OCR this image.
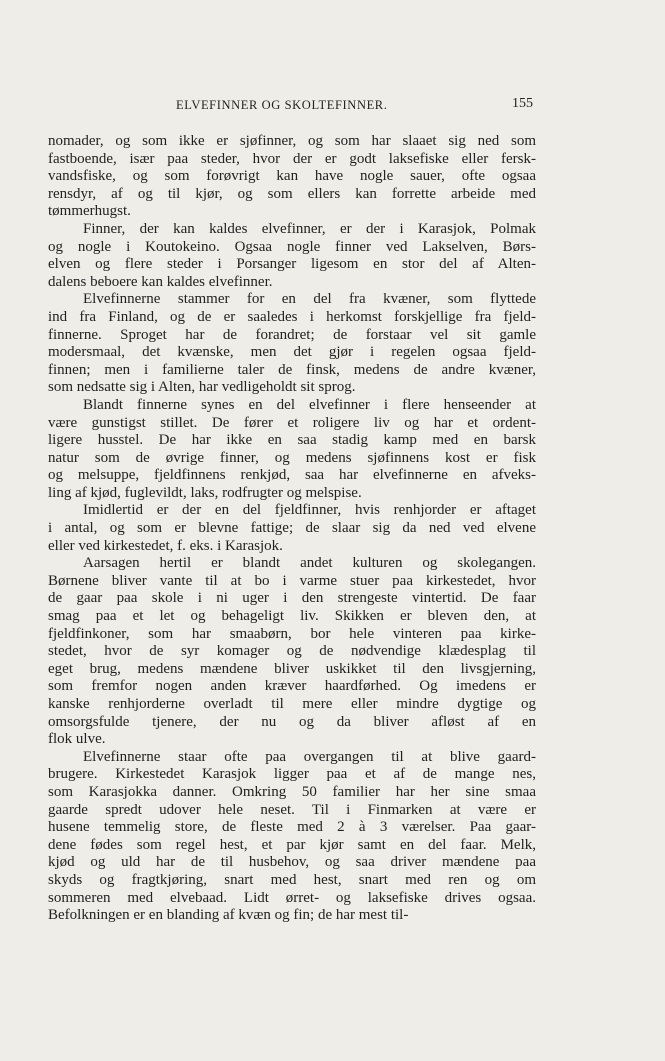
ELVEFINNER OG SKOLTEFINNER.	155
nomader, og som ikke er sjøfinner, og som har slaaet sig ned som
fastboende, især paa steder, hvor der er godt laksefiske eller fersk-
vandsfiske, og som forøvrigt kan have nogle sauer, ofte ogsaa
rensdyr, af og til kjør, og som ellers kan forrette arbeide med
tømmerhugst.
Finner, der kan kaldes elvefinner, er der i Karasjok, Polmak
og nogle i Koutokeino. Ogsaa nogle finner ved Lakselven, Børs-
elven og flere steder i Porsanger ligesom en stor del af Alten-
dalens beboere kan kaldes elvefinner.
Elvefinnerne stammer for en del fra kvæner, som flyttede
ind fra Finland, og de er saaledes i herkomst forskjellige fra fjeld-
finnerne. Sproget har de forandret; de forstaar vel sit gamle
modersmaal, det kvænske, men det gjør i regelen ogsaa fjeld-
finnen; men i familierne taler de finsk, medens de andre kvæner,
som nedsatte sig i Alten, har vedligeholdt sit sprog.
Blandt finnerne synes en del elvefinner i flere henseender at
være gunstigst stillet. De fører et roligere liv og har et ordent-
ligere husstel. De har ikke en saa stadig kamp med en barsk
natur som de øvrige finner, og medens sjøfinnens kost er fisk
og melsuppe, fjeldfinnens renkjød, saa har elvefinnerne en afveks-
ling af kjød, fuglevildt, laks, rodfrugter og melspise.
Imidlertid er der en del fjeldfinner, hvis renhjorder er aftaget
i antal, og som er blevne fattige; de slaar sig da ned ved elvene
eller ved kirkestedet, f. eks. i Karasjok.
Aarsagen hertil er blandt andet kulturen og skolegangen.
Børnene bliver vante til at bo i varme stuer paa kirkestedet, hvor
de gaar paa skole i ni uger i den strengeste vintertid. De faar
smag paa et let og behageligt liv. Skikken er bleven den, at
fjeldfinkoner, som har smaabørn, bor hele vinteren paa kirke-
stedet, hvor de syr komager og de nødvendige klædesplag til
eget brug, medens mændene bliver uskikket til den livsgjerning,
som fremfor nogen anden kræver haardførhed. Og imedens er
kanske renhjorderne overladt til mere eller mindre dygtige og
omsorgsfulde tjenere, der nu og da bliver afløst af en
flok ulve.
Elvefinnerne staar ofte paa overgangen til at blive gaard-
brugere. Kirkestedet Karasjok ligger paa et af de mange nes,
som Karasjokka danner. Omkring 50 familier har her sine smaa
gaarde spredt udover hele neset. Til i Finmarken at være er
husene temmelig store, de fleste med 2 à 3 værelser. Paa gaar-
dene fødes som regel hest, et par kjør samt en del faar. Melk,
kjød og uld har de til husbehov, og saa driver mændene paa
skyds og fragtkjøring, snart med hest, snart med ren og om
sommeren med elvebaad. Lidt ørret- og laksefiske drives ogsaa.
Befolkningen er en blanding af kvæn og fin; de har mest til-
